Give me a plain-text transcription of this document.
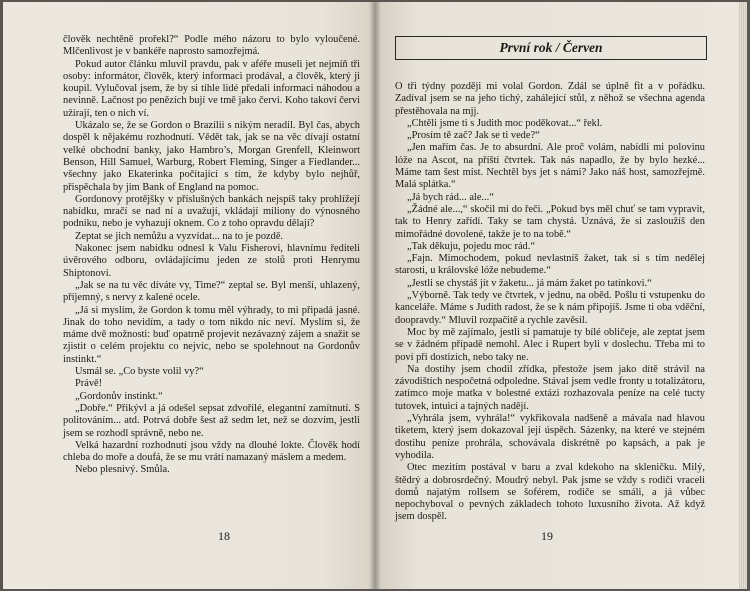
člověk nechtěně prořekl?“ Podle mého názoru to bylo vyloučené. Mlčenlivost je v bankéře naprosto samozřejmá.

Pokud autor článku mluvil pravdu, pak v aféře museli jet nejmíň tři osoby: informátor, člověk, který informaci prodával, a člověk, který ji koupil. Vylučoval jsem, že by si tihle lidé předali informaci náhodou a nevinně. Lačnost po penězích bují ve tmě jako červi. Koho takoví červi užírají, ten o nich ví.

Ukázalo se, že se Gordon o Brazílii s nikým neradil. Byl čas, abych dospěl k nějakému rozhodnutí. Vědět tak, jak se na věc dívají ostatní velké obchodní banky, jako Hambro’s, Morgan Grenfell, Kleinwort Benson, Hill Samuel, Warburg, Robert Fleming, Singer a Fiedlander... všechny jako Ekaterinka počítající s tím, že kdyby bylo nejhůř, přispěchala by jim Bank of England na pomoc.

Gordonovy protějšky v příslušných bankách nejspíš taky prohlížejí nabídku, mračí se nad ní a uvažují, vkládají miliony do výnosného podniku, nebo je vyhazují oknem. Co z toho opravdu dělají?

Zeptat se jich nemůžu a vyzvídat... na to je pozdě.

Nakonec jsem nabídku odnesl k Valu Fisherovi, hlavnímu řediteli úvěrového odboru, ovládajícímu jeden ze stolů proti Henrymu Shiptonovi.

„Jak se na tu věc díváte vy, Time?“ zeptal se. Byl menší, uhlazený, příjemný, s nervy z kalené ocele.

„Já si myslím, že Gordon k tomu měl výhrady, to mi připadá jasné. Jinak do toho nevidím, a tady o tom nikdo nic neví. Myslím si, že máme dvě možnosti: buď opatrně projevit nezávazný zájem a snažit se zjistit o celém projektu co nejvíc, nebo se spolehnout na Gordonův instinkt.“

Usmál se. „Co byste volil vy?“

Právě!

„Gordonův instinkt.“

„Dobře.“ Přikývl a já odešel sepsat zdvořilé, elegantní zamítnutí. S politováním... atd. Potrvá dobře šest až sedm let, než se dozvím, jestli jsem se rozhodl správně, nebo ne.

Velká hazardní rozhodnutí jsou vždy na dlouhé lokte. Člověk hodí chleba do moře a doufá, že se mu vrátí namazaný máslem a medem.

Nebo plesnivý. Smůla.

18
První rok / Červen

O tři týdny později mi volal Gordon. Zdál se úplně fit a v pořádku. Zadíval jsem se na jeho tichý, zahálející stůl, z něhož se všechna agenda přestěhovala na mjj.

„Chtěli jsme ti s Judith moc poděkovat...“ řekl.

„Prosím tě zač? Jak se ti vede?“

„Jen mařím čas. Je to absurdní. Ale proč volám, nabídli mi polovinu lóže na Ascot, na příští čtvrtek. Tak nás napadlo, že by bylo hezké... Máme tam šest míst. Nechtěl bys jet s námi? Jako náš host, samozřejmě. Malá splátka.“

„Já bych rád... ale...“

„Žádné ale...,“ skočil mi do řeči. „Pokud bys měl chuť se tam vypravit, tak to Henry zařídí. Taky se tam chystá. Uznává, že si zasloužíš den mimořádné dovolené, takže je to na tobě.“

„Tak děkuju, pojedu moc rád.“

„Fajn. Mimochodem, pokud nevlastníš žaket, tak si s tím nedělej starosti, u královské lóže nebudeme.“

„Jestli se chystáš jít v žaketu... já mám žaket po tatínkovi.“

„Výborně. Tak tedy ve čtvrtek, v jednu, na oběd. Pošlu ti vstupenku do kanceláře. Máme s Judith radost, že se k nám připojíš. Jsme ti oba vděční, doopravdy.“ Mluvil rozpačitě a rychle zavěsil.

Moc by mě zajímalo, jestli si pamatuje ty bílé obličeje, ale zeptat jsem se v žádném případě nemohl. Alec i Rupert byli v doslechu. Třeba mi to poví při dostizích, nebo taky ne.

Na dostihy jsem chodil zřídka, přestože jsem jako dítě strávil na závodištích nespočetná odpoledne. Stával jsem vedle fronty u totalizátoru, zatímco moje matka v bolestné extázi rozhazovala peníze na celé tucty tutovek, intuicí a tajných nadějí.

„Vyhrála jsem, vyhrála!“ vykřikovala nadšeně a mávala nad hlavou tiketem, který jsem dokazoval její úspěch. Sázenky, na které ve stejném dostihu peníze prohrála, schovávala diskrétně po kapsách, a pak je vyhodila.

Otec mezitím postával v baru a zval kdekoho na skleničku. Milý, štědrý a dobrosrdečný. Moudrý nebyl. Pak jsme se vždy s rodiči vraceli domů najatým rollsem se šoférem, rodiče se smáli, a já vůbec nepochyboval o pevných základech tohoto luxusního života. Až když jsem dospěl.

19
